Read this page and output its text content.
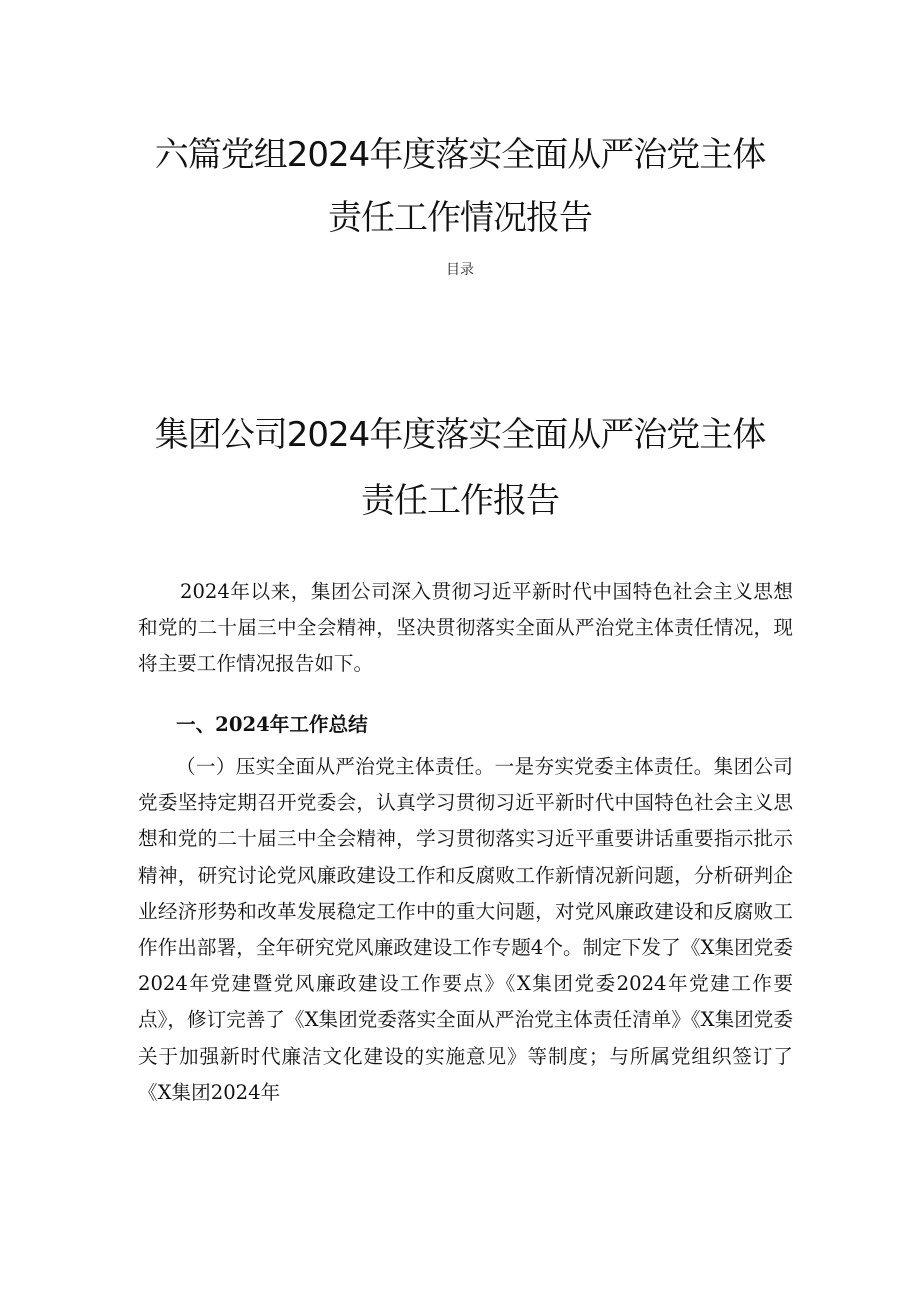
六篇党组2024年度落实全面从严治党主体
责任工作情况报告
目录
集团公司2024年度落实全面从严治党主体
责任工作报告

2024年以来，集团公司深入贯彻习近平新时代中国特色社会主义思想和党的二十届三中全会精神，坚决贯彻落实全面从严治党主体责任情况，现将主要工作情况报告如下。

一、2024年工作总结

（一）压实全面从严治党主体责任。一是夯实党委主体责任。集团公司党委坚持定期召开党委会，认真学习贯彻习近平新时代中国特色社会主义思想和党的二十届三中全会精神，学习贯彻落实习近平重要讲话重要指示批示精神，研究讨论党风廉政建设工作和反腐败工作新情况新问题，分析研判企业经济形势和改革发展稳定工作中的重大问题，对党风廉政建设和反腐败工作作出部署，全年研究党风廉政建设工作专题4个。制定下发了《X集团党委2024年党建暨党风廉政建设工作要点》《X集团党委2024年党建工作要点》，修订完善了《X集团党委落实全面从严治党主体责任清单》《X集团党委关于加强新时代廉洁文化建设的实施意见》等制度；与所属党组织签订了《X集团2024年
